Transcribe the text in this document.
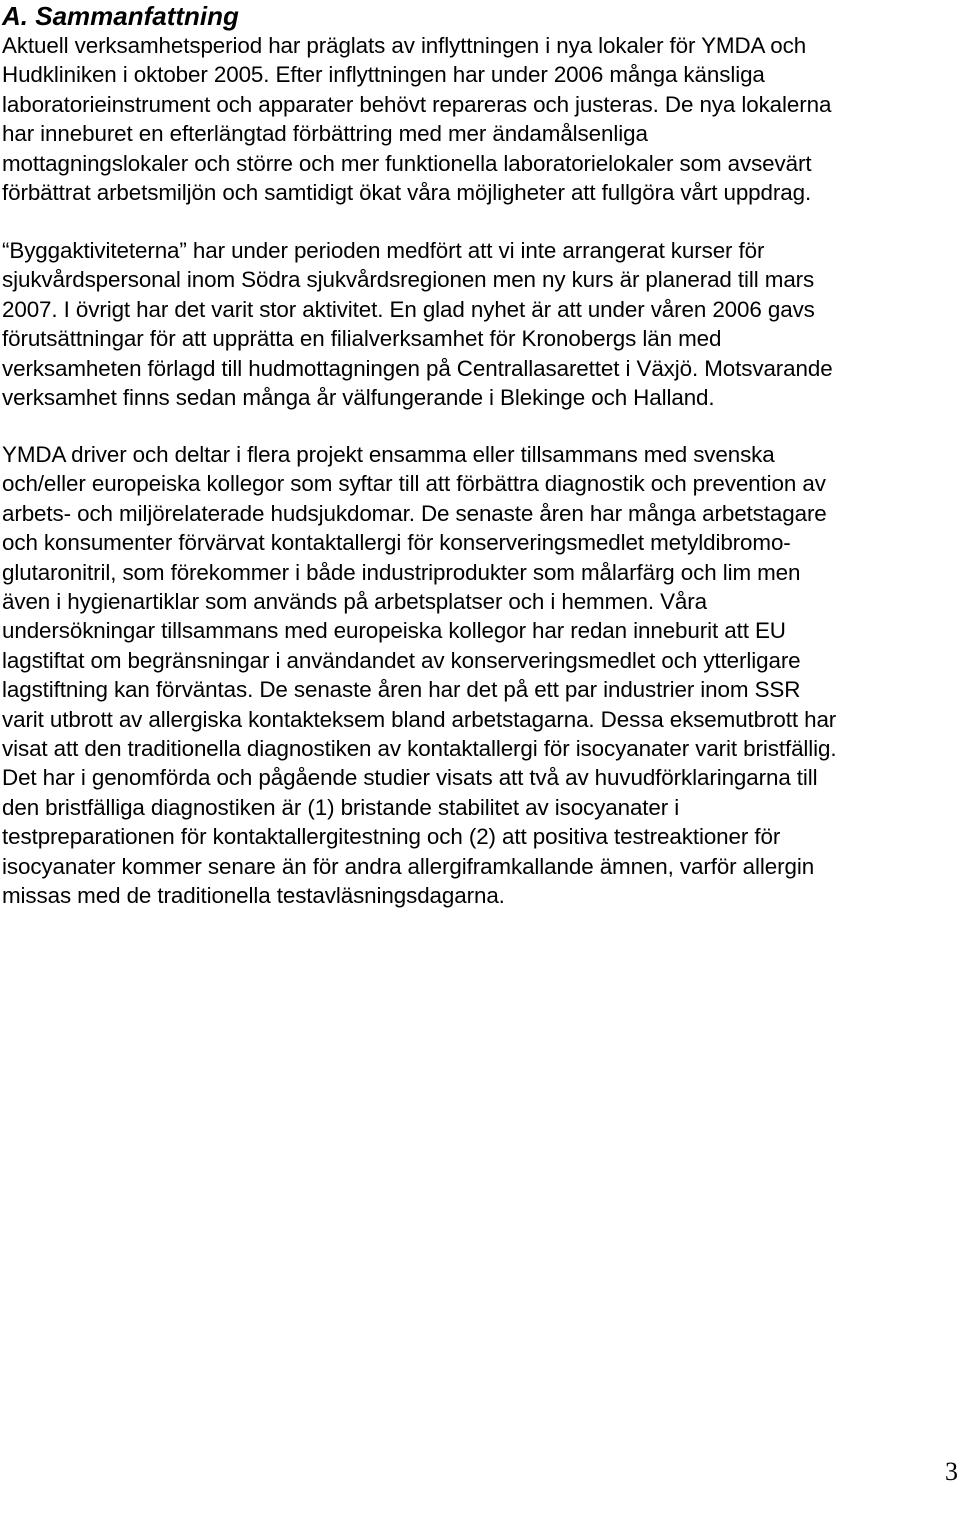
A. Sammanfattning

Aktuell verksamhetsperiod har präglats av inflyttningen i nya lokaler för YMDA och
Hudkliniken i oktober 2005. Efter inflyttningen har under 2006 många känsliga
laboratorieinstrument och apparater behövt repareras och justeras. De nya lokalerna
har inneburet en efterlängtad förbättring med mer ändamålsenliga
mottagningslokaler och större och mer funktionella laboratorielokaler som avsevärt
förbättrat arbetsmiljön och samtidigt ökat våra möjligheter att fullgöra vårt uppdrag.

“Byggaktiviteterna” har under perioden medfört att vi inte arrangerat kurser för
sjukvårdspersonal inom Södra sjukvårdsregionen men ny kurs är planerad till mars
2007. I övrigt har det varit stor aktivitet. En glad nyhet är att under våren 2006 gavs
förutsättningar för att upprätta en filialverksamhet för Kronobergs län med
verksamheten förlagd till hudmottagningen på Centrallasarettet i Växjö. Motsvarande
verksamhet finns sedan många år välfungerande i Blekinge och Halland.

YMDA driver och deltar i flera projekt ensamma eller tillsammans med svenska
och/eller europeiska kollegor som syftar till att förbättra diagnostik och prevention av
arbets- och miljörelaterade hudsjukdomar. De senaste åren har många arbetstagare
och konsumenter förvärvat kontaktallergi för konserveringsmedlet metyldibromo-
glutaronitril, som förekommer i både industriprodukter som målarfärg och lim men
även i hygienartiklar som används på arbetsplatser och i hemmen. Våra
undersökningar tillsammans med europeiska kollegor har redan inneburit att EU
lagstiftat om begränsningar i användandet av konserveringsmedlet och ytterligare
lagstiftning kan förväntas. De senaste åren har det på ett par industrier inom SSR
varit utbrott av allergiska kontakteksem bland arbetstagarna. Dessa eksemutbrott har
visat att den traditionella diagnostiken av kontaktallergi för isocyanater varit bristfällig.
Det har i genomförda och pågående studier visats att två av huvudförklaringarna till
den bristfälliga diagnostiken är (1) bristande stabilitet av isocyanater i
testpreparationen för kontaktallergitestning och (2) att positiva testreaktioner för
isocyanater kommer senare än för andra allergiframkallande ämnen, varför allergin
missas med de traditionella testavläsningsdagarna.

3
